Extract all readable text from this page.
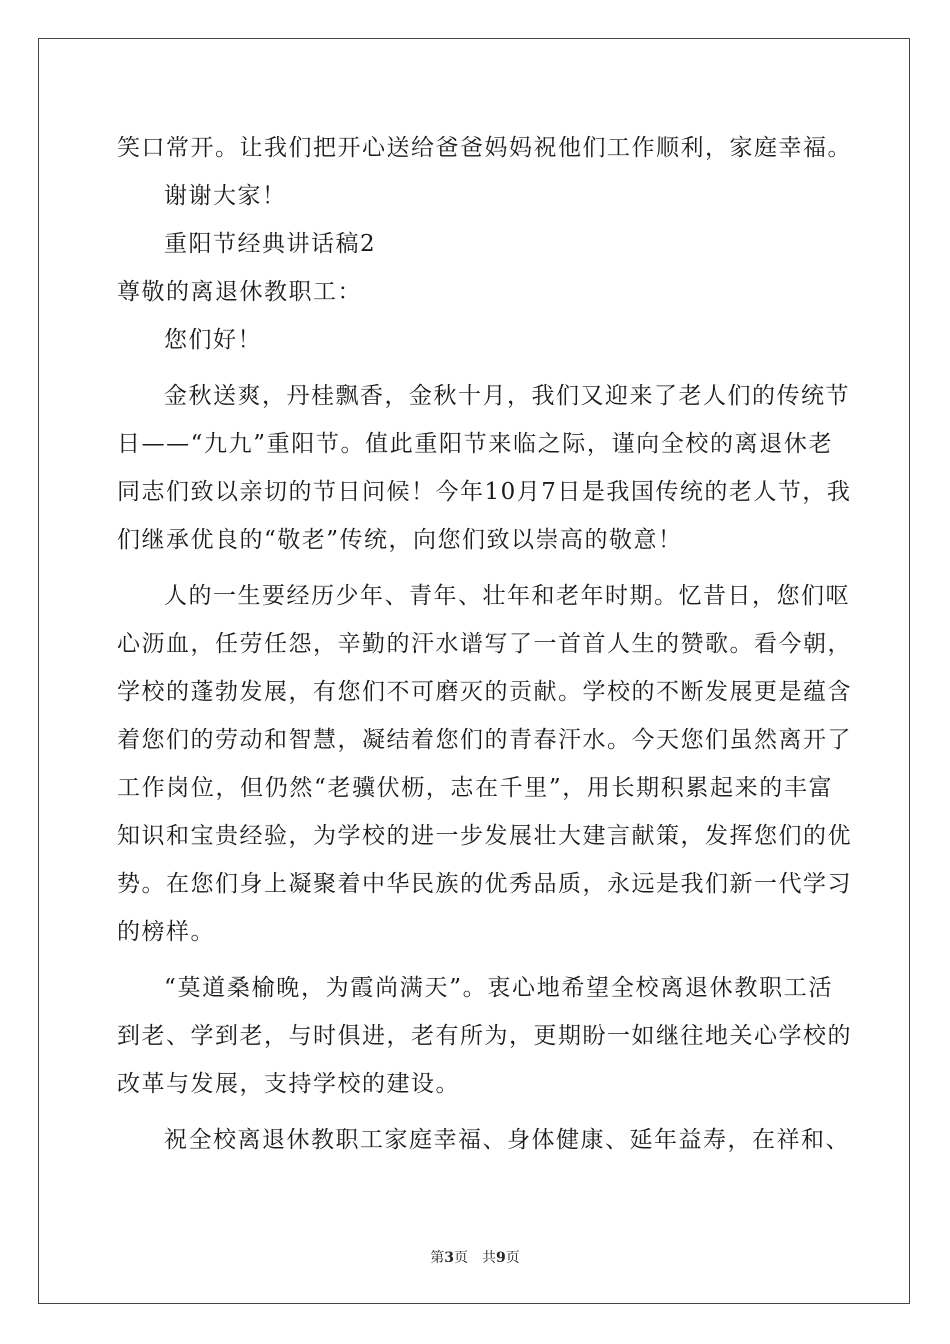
笑口常开。让我们把开心送给爸爸妈妈祝他们工作顺利，家庭幸福。
谢谢大家！
重阳节经典讲话稿2
尊敬的离退休教职工：
您们好！
金秋送爽，丹桂飘香，金秋十月，我们又迎来了老人们的传统节
日——“九九”重阳节。值此重阳节来临之际，谨向全校的离退休老
同志们致以亲切的节日问候！今年10月7日是我国传统的老人节，我
们继承优良的“敬老”传统，向您们致以崇高的敬意！
人的一生要经历少年、青年、壮年和老年时期。忆昔日，您们呕
心沥血，任劳任怨，辛勤的汗水谱写了一首首人生的赞歌。看今朝，
学校的蓬勃发展，有您们不可磨灭的贡献。学校的不断发展更是蕴含
着您们的劳动和智慧，凝结着您们的青春汗水。今天您们虽然离开了
工作岗位，但仍然“老骥伏枥，志在千里”，用长期积累起来的丰富
知识和宝贵经验，为学校的进一步发展壮大建言献策，发挥您们的优
势。在您们身上凝聚着中华民族的优秀品质，永远是我们新一代学习
的榜样。
“莫道桑榆晚，为霞尚满天”。衷心地希望全校离退休教职工活
到老、学到老，与时俱进，老有所为，更期盼一如继往地关心学校的
改革与发展，支持学校的建设。
祝全校离退休教职工家庭幸福、身体健康、延年益寿，在祥和、
第3页 共9页
